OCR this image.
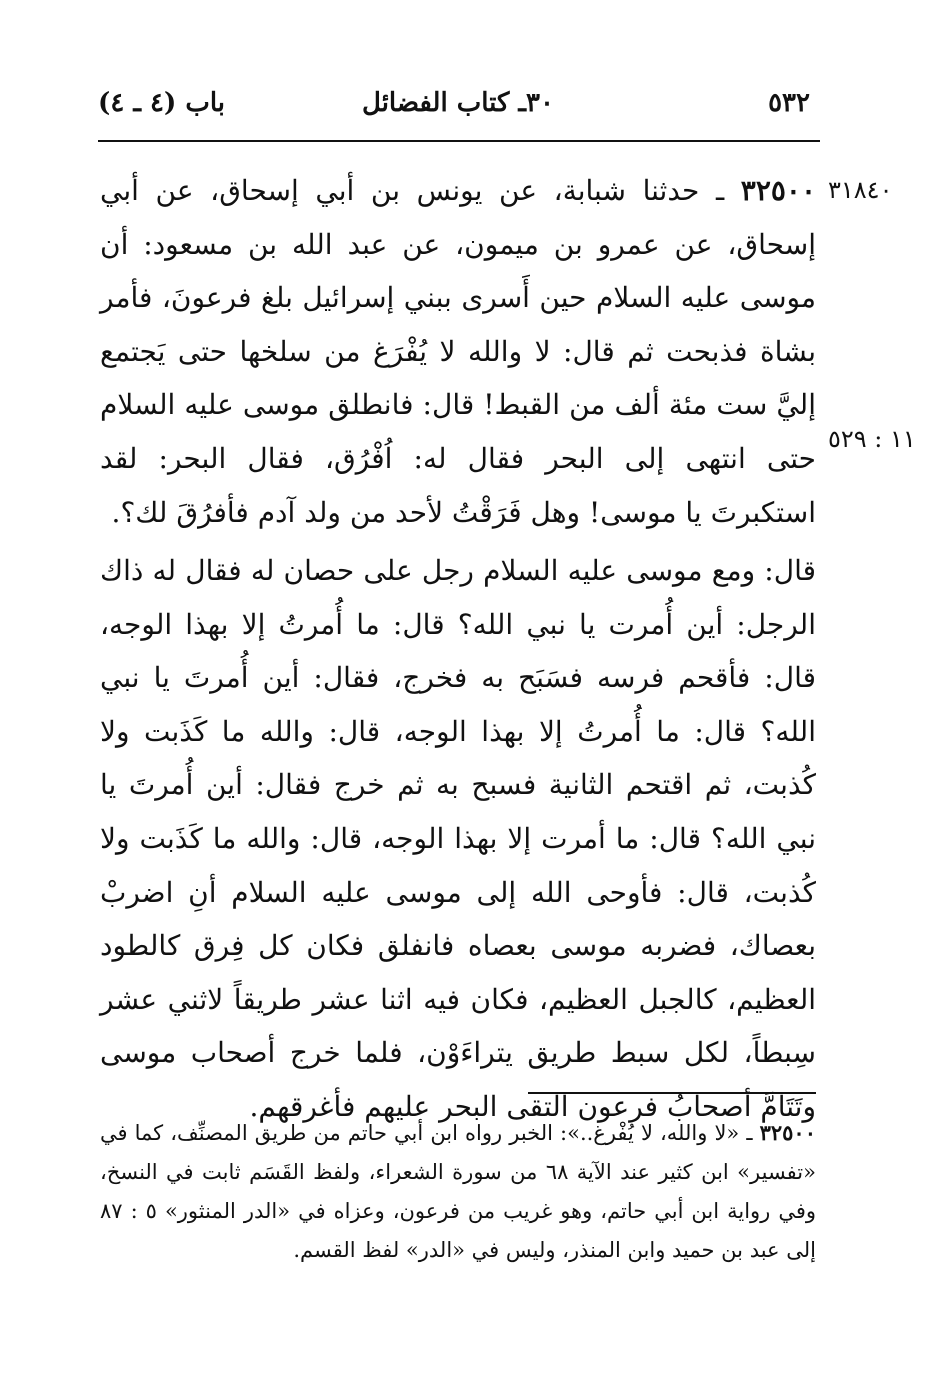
٥٣٢
٣٠ـ كتاب الفضائل
باب (٤ ـ ٤)
٣١٨٤٠
١١ : ٥٢٩

٣٢٥٠٠ ـ حدثنا شبابة، عن يونس بن أبي إسحاق، عن أبي إسحاق، عن عمرو بن ميمون، عن عبد الله بن مسعود: أن موسى عليه السلام حين أَسرى ببني إسرائيل بلغ فرعونَ، فأمر بشاة فذبحت ثم قال: لا والله لا يُفْرَغ من سلخها حتى يَجتمع إليَّ ست مئة ألف من القبط! قال: فانطلق موسى عليه السلام حتى انتهى إلى البحر فقال له: اُفْرُق، فقال البحر: لقد استكبرتَ يا موسى! وهل فَرَقْتُ لأحد من ولد آدم فأفرُقَ لك؟.

قال: ومع موسى عليه السلام رجل على حصان له فقال له ذاك الرجل: أين أُمرت يا نبي الله؟ قال: ما أُمرتُ إلا بهذا الوجه، قال: فأقحم فرسه فسَبَح به فخرج، فقال: أين أُمرتَ يا نبي الله؟ قال: ما أُمرتُ إلا بهذا الوجه، قال: والله ما كَذَبت ولا كُذبت، ثم اقتحم الثانية فسبح به ثم خرج فقال: أين أُمرتَ يا نبي الله؟ قال: ما أمرت إلا بهذا الوجه، قال: والله ما كَذَبت ولا كُذبت، قال: فأوحى الله إلى موسى عليه السلام أنِ اضربْ بعصاك، فضربه موسى بعصاه فانفلق فكان كل فِرق كالطود العظيم، كالجبل العظيم، فكان فيه اثنا عشر طريقاً لاثني عشر سِبطاً، لكل سبط طريق يتراءَوْن، فلما خرج أصحاب موسى وتَتَامَّ أصحابُ فرعون التقى البحر عليهم فأغرقهم.

٣٢٥٠٠ ـ «لا والله، لا يُفْرغ..»: الخبر رواه ابن أبي حاتم من طريق المصنِّف، كما في «تفسير» ابن كثير عند الآية ٦٨ من سورة الشعراء، ولفظ القَسَم ثابت في النسخ، وفي رواية ابن أبي حاتم، وهو غريب من فرعون، وعزاه في «الدر المنثور» ٥ : ٨٧ إلى عبد بن حميد وابن المنذر، وليس في «الدر» لفظ القسم.
